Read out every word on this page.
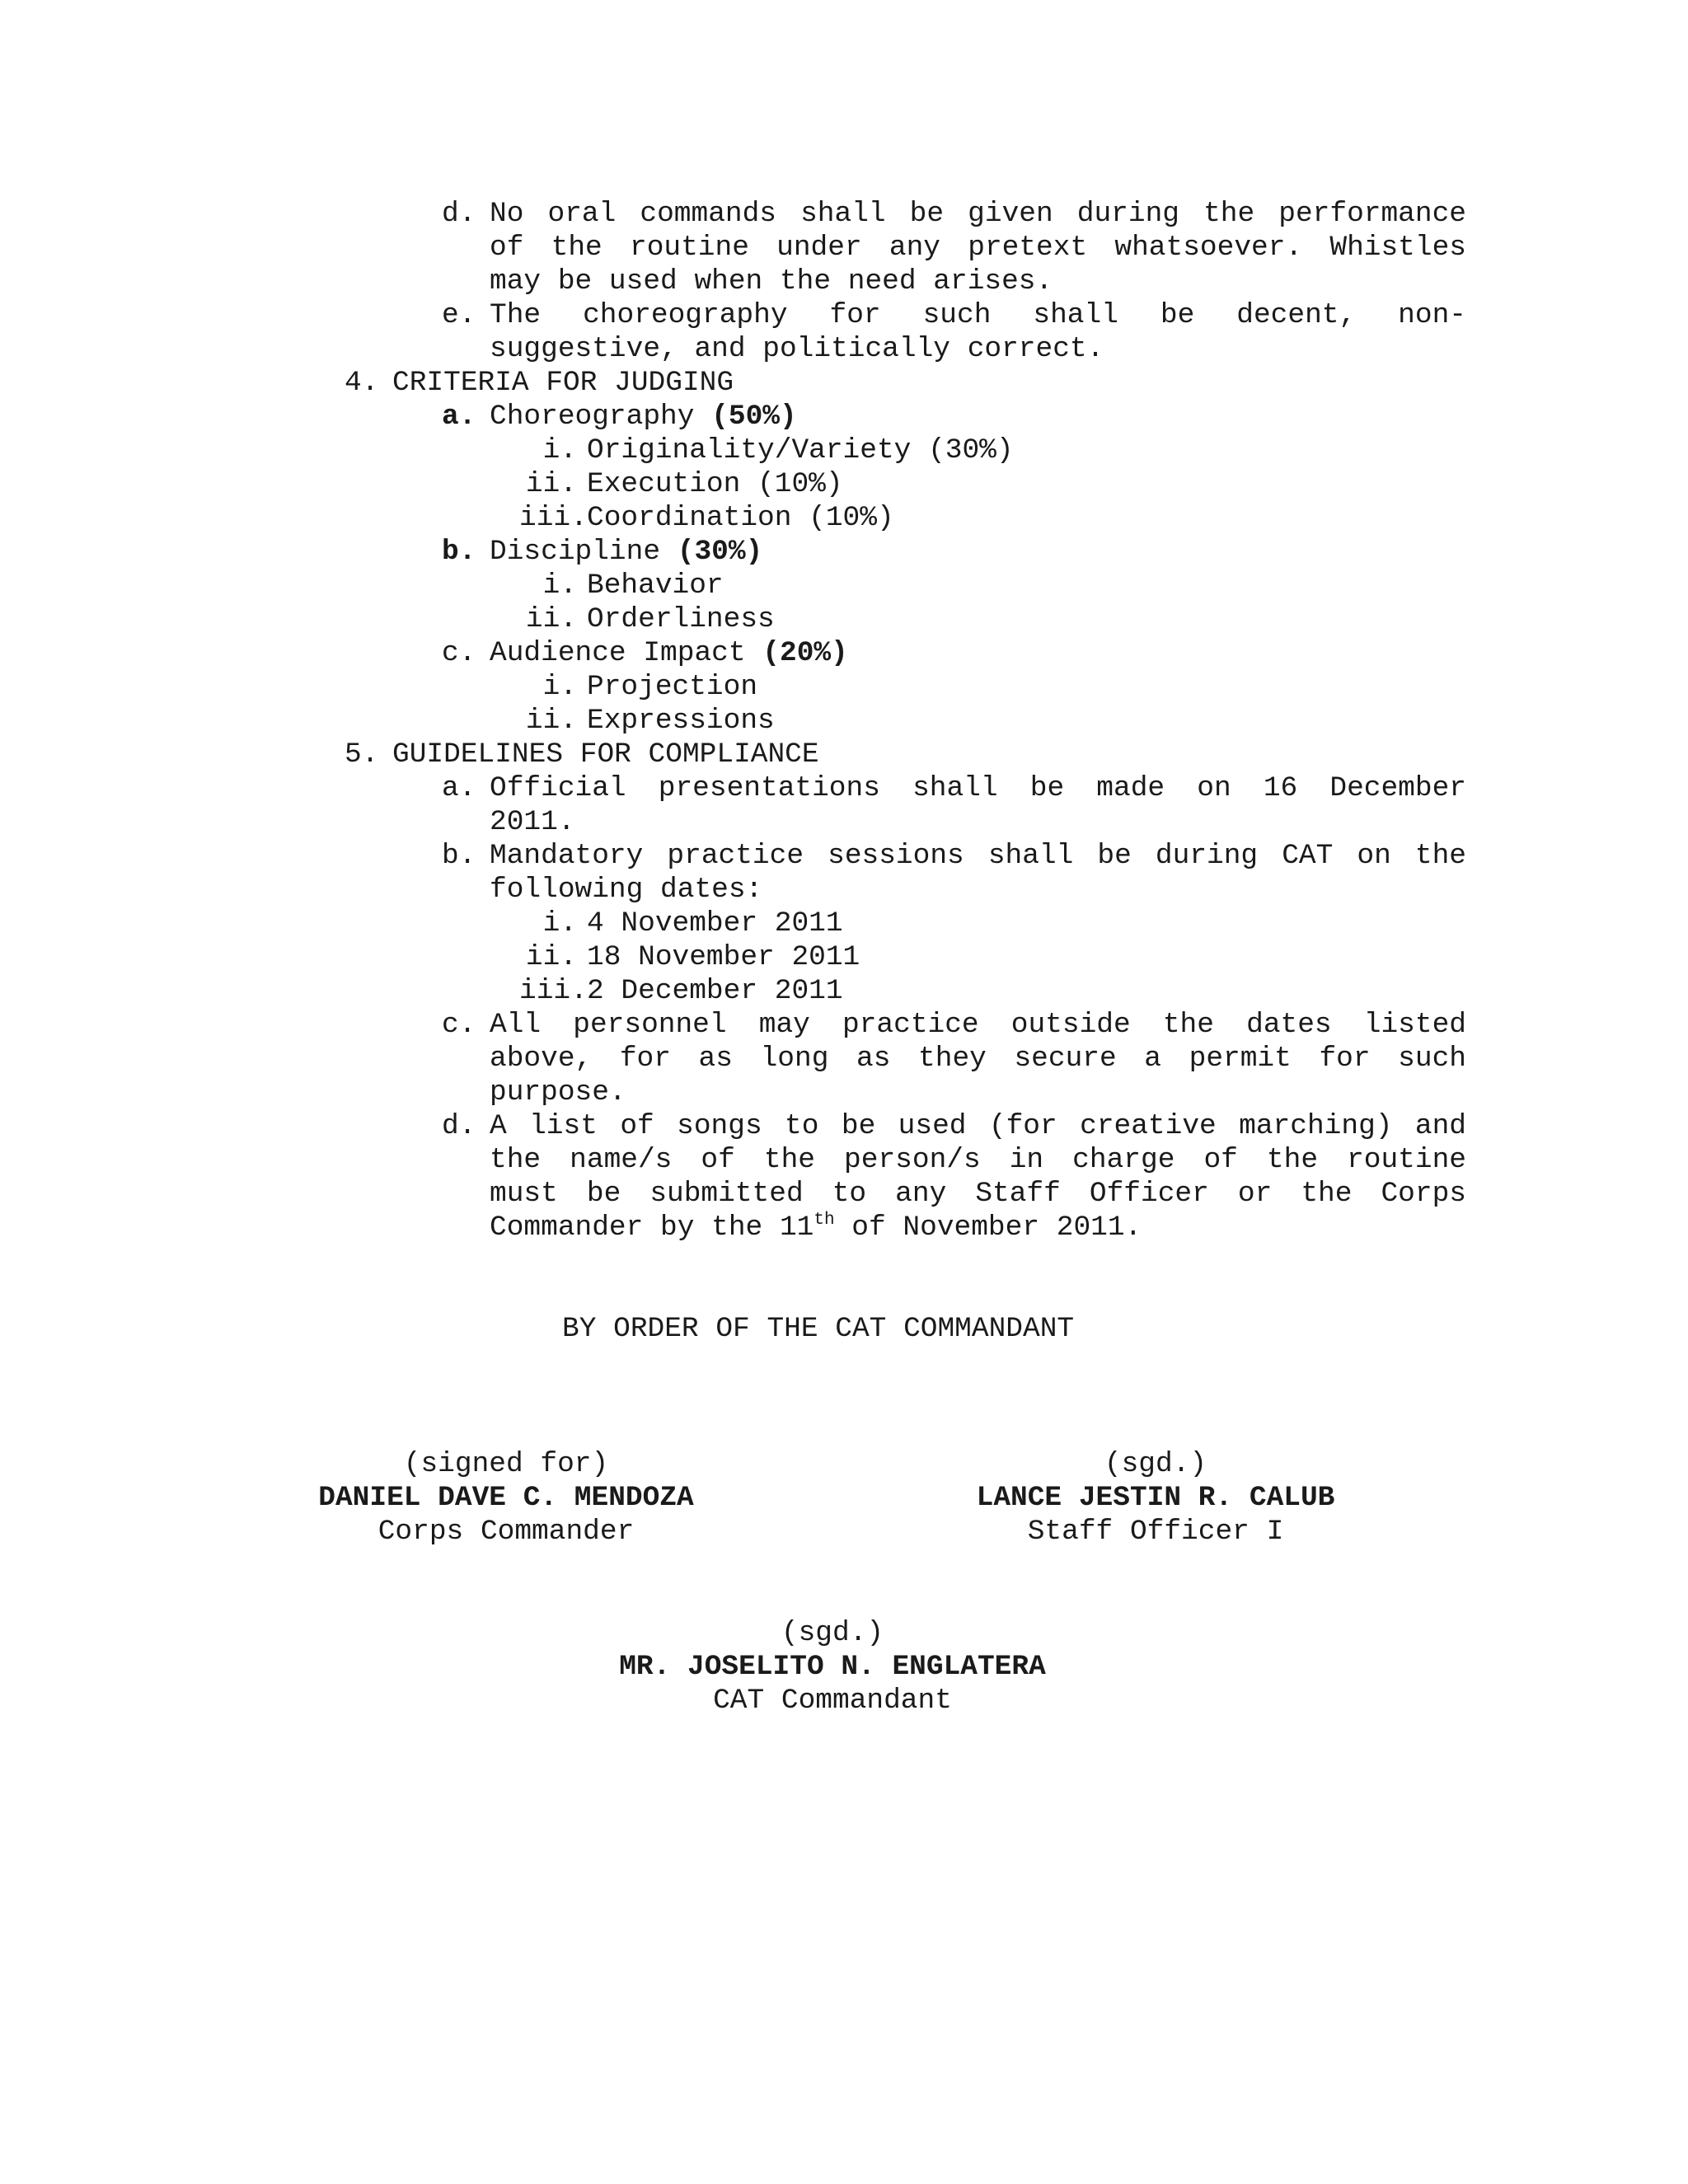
d. No oral commands shall be given during the performance
of the routine under any pretext whatsoever. Whistles
may be used when the need arises.
e. The choreography for such shall be decent, non-
suggestive, and politically correct.
4. CRITERIA FOR JUDGING
a. Choreography (50%)
i. Originality/Variety (30%)
ii. Execution (10%)
iii. Coordination (10%)
b. Discipline (30%)
i. Behavior
ii. Orderliness
c. Audience Impact (20%)
i. Projection
ii. Expressions
5. GUIDELINES FOR COMPLIANCE
a. Official presentations shall be made on 16 December
2011.
b. Mandatory practice sessions shall be during CAT on the
following dates:
i. 4 November 2011
ii. 18 November 2011
iii. 2 December 2011
c. All personnel may practice outside the dates listed
above, for as long as they secure a permit for such
purpose.
d. A list of songs to be used (for creative marching) and
the name/s of the person/s in charge of the routine
must be submitted to any Staff Officer or the Corps
Commander by the 11th of November 2011.
BY ORDER OF THE CAT COMMANDANT
(signed for)
DANIEL DAVE C. MENDOZA
Corps Commander
(sgd.)
LANCE JESTIN R. CALUB
Staff Officer I
(sgd.)
MR. JOSELITO N. ENGLATERA
CAT Commandant
